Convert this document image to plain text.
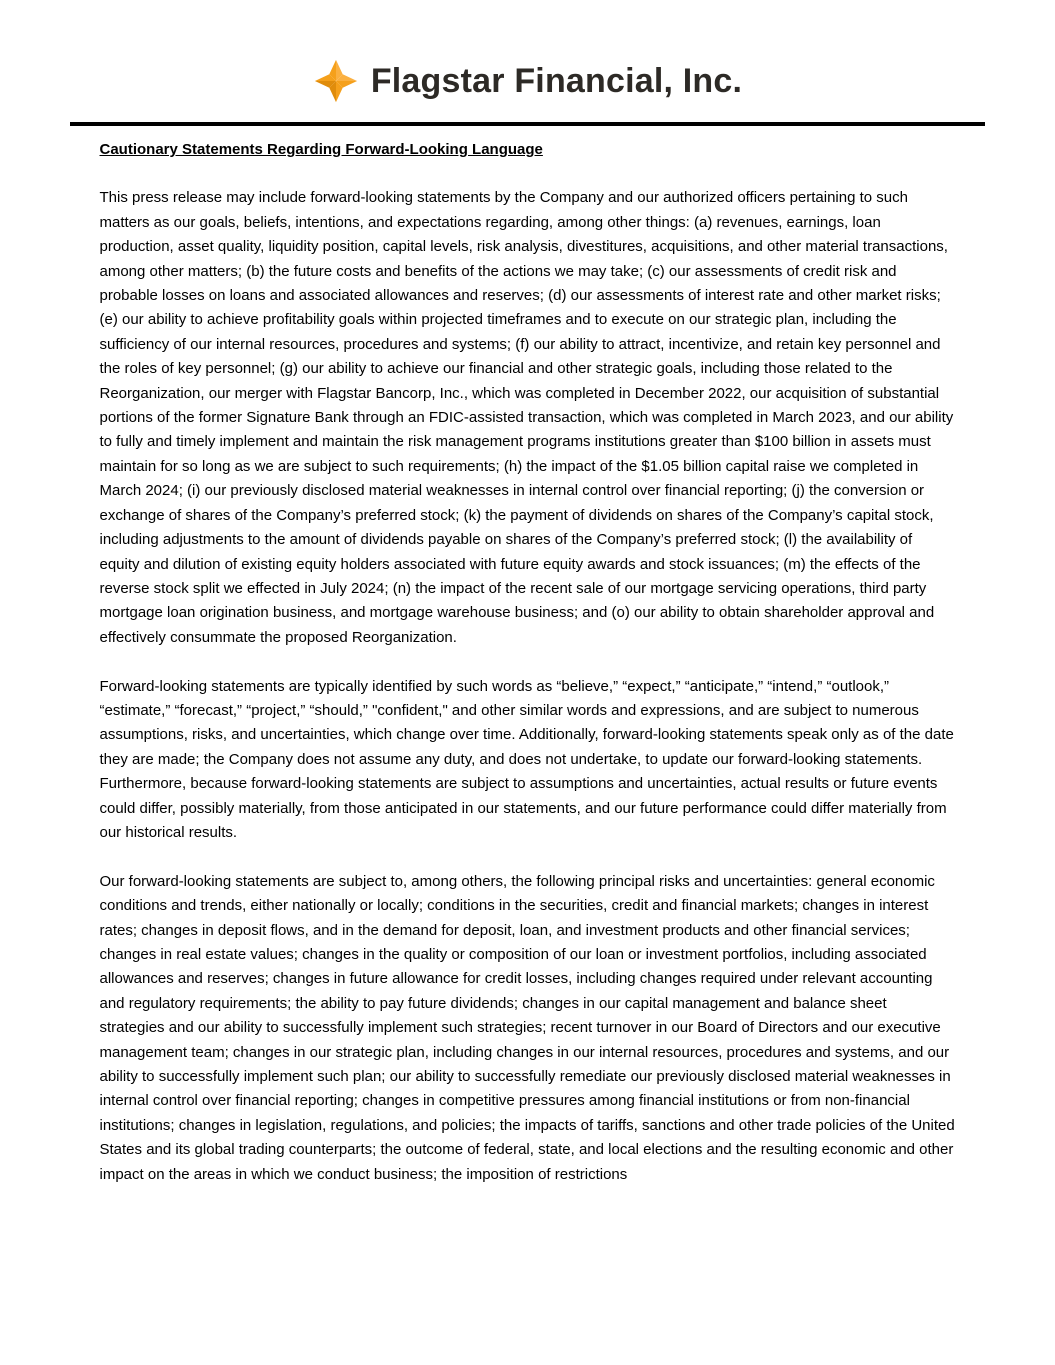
Flagstar Financial, Inc.
Cautionary Statements Regarding Forward-Looking Language

This press release may include forward-looking statements by the Company and our authorized officers pertaining to such matters as our goals, beliefs, intentions, and expectations regarding, among other things: (a) revenues, earnings, loan production, asset quality, liquidity position, capital levels, risk analysis, divestitures, acquisitions, and other material transactions, among other matters; (b) the future costs and benefits of the actions we may take; (c) our assessments of credit risk and probable losses on loans and associated allowances and reserves; (d) our assessments of interest rate and other market risks; (e) our ability to achieve profitability goals within projected timeframes and to execute on our strategic plan, including the sufficiency of our internal resources, procedures and systems; (f) our ability to attract, incentivize, and retain key personnel and the roles of key personnel; (g) our ability to achieve our financial and other strategic goals, including those related to the Reorganization, our merger with Flagstar Bancorp, Inc., which was completed in December 2022, our acquisition of substantial portions of the former Signature Bank through an FDIC-assisted transaction, which was completed in March 2023, and our ability to fully and timely implement and maintain the risk management programs institutions greater than $100 billion in assets must maintain for so long as we are subject to such requirements; (h) the impact of the $1.05 billion capital raise we completed in March 2024; (i) our previously disclosed material weaknesses in internal control over financial reporting; (j) the conversion or exchange of shares of the Company’s preferred stock; (k) the payment of dividends on shares of the Company’s capital stock, including adjustments to the amount of dividends payable on shares of the Company’s preferred stock; (l) the availability of equity and dilution of existing equity holders associated with future equity awards and stock issuances; (m) the effects of the reverse stock split we effected in July 2024; (n) the impact of the recent sale of our mortgage servicing operations, third party mortgage loan origination business, and mortgage warehouse business; and (o) our ability to obtain shareholder approval and effectively consummate the proposed Reorganization.

Forward-looking statements are typically identified by such words as “believe,” “expect,” “anticipate,” “intend,” “outlook,” “estimate,” “forecast,” “project,” “should,” "confident," and other similar words and expressions, and are subject to numerous assumptions, risks, and uncertainties, which change over time. Additionally, forward-looking statements speak only as of the date they are made; the Company does not assume any duty, and does not undertake, to update our forward-looking statements. Furthermore, because forward-looking statements are subject to assumptions and uncertainties, actual results or future events could differ, possibly materially, from those anticipated in our statements, and our future performance could differ materially from our historical results.

Our forward-looking statements are subject to, among others, the following principal risks and uncertainties: general economic conditions and trends, either nationally or locally; conditions in the securities, credit and financial markets; changes in interest rates; changes in deposit flows, and in the demand for deposit, loan, and investment products and other financial services; changes in real estate values; changes in the quality or composition of our loan or investment portfolios, including associated allowances and reserves; changes in future allowance for credit losses, including changes required under relevant accounting and regulatory requirements; the ability to pay future dividends; changes in our capital management and balance sheet strategies and our ability to successfully implement such strategies; recent turnover in our Board of Directors and our executive management team; changes in our strategic plan, including changes in our internal resources, procedures and systems, and our ability to successfully implement such plan; our ability to successfully remediate our previously disclosed material weaknesses in internal control over financial reporting; changes in competitive pressures among financial institutions or from non-financial institutions; changes in legislation, regulations, and policies; the impacts of tariffs, sanctions and other trade policies of the United States and its global trading counterparts; the outcome of federal, state, and local elections and the resulting economic and other impact on the areas in which we conduct business; the imposition of restrictions
